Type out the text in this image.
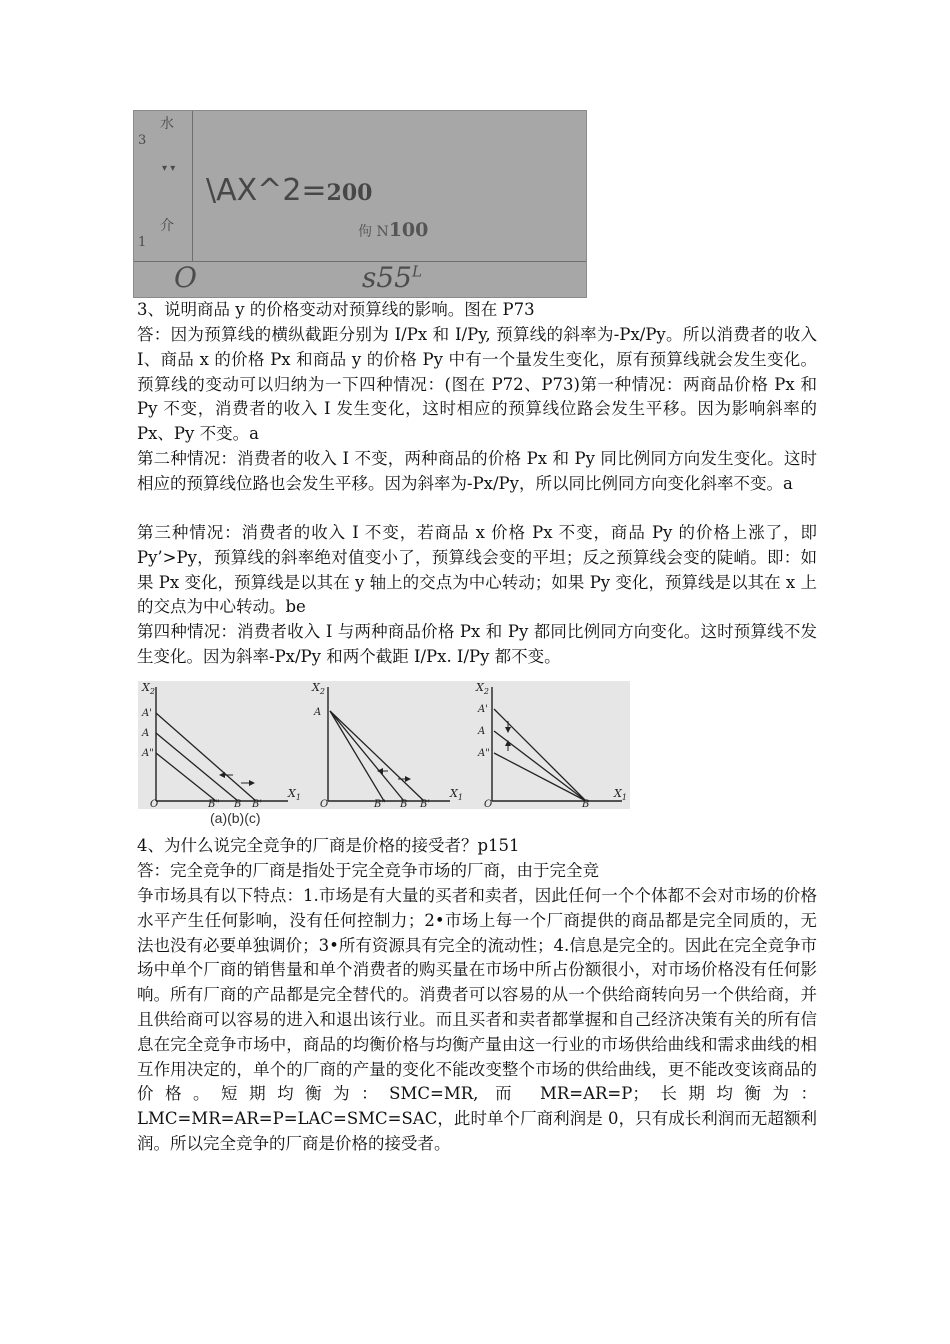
水
3
▾ ▾
介
1
\AX^2=200
佝 N100
O	$s55^L$

3、说明商品 y 的价格变动对预算线的影响。图在 P73

答：因为预算线的横纵截距分别为 I/Px 和 I/Py, 预算线的斜率为-Px/Py。所以消费者的收入 I、商品 x 的价格 Px 和商品 y 的价格 Py 中有一个量发生变化，原有预算线就会发生变化。预算线的变动可以归纳为一下四种情况：(图在 P72、P73)第一种情况：两商品价格 Px 和 Py 不变，消费者的收入 I 发生变化，这时相应的预算线位路会发生平移。因为影响斜率的 Px、Py 不变。a

第二种情况：消费者的收入 I 不变，两种商品的价格 Px 和 Py 同比例同方向发生变化。这时相应的预算线位路也会发生平移。因为斜率为-Px/Py，所以同比例同方向变化斜率不变。a

第三种情况：消费者的收入 I 不变，若商品 x 价格 Px 不变，商品 Py 的价格上涨了，即 Py’>Py，预算线的斜率绝对值变小了，预算线会变的平坦；反之预算线会变的陡峭。即：如果 Px 变化，预算线是以其在 y 轴上的交点为中心转动；如果 Py 变化，预算线是以其在 x 上的交点为中心转动。be

第四种情况：消费者收入 I 与两种商品价格 Px 和 Py 都同比例同方向变化。这时预算线不发生变化。因为斜率-Px/Py 和两个截距 I/Px. I/Py 都不变。

$X_2$
A'
A
A"
O	B" B B'
$X_1$
$X_2$
A
O	B" B B'
$X_1$
$X_2$
A'
A
A"
O	B
$X_1$
(a)(b)(c)

4、为什么说完全竞争的厂商是价格的接受者？p151

答：完全竞争的厂商是指处于完全竞争市场的厂商，由于完全竞

争市场具有以下特点：1.市场是有大量的买者和卖者，因此任何一个个体都不会对市场的价格水平产生任何影响，没有任何控制力；2•市场上每一个厂商提供的商品都是完全同质的，无法也没有必要单独调价；3•所有资源具有完全的流动性；4.信息是完全的。因此在完全竞争市场中单个厂商的销售量和单个消费者的购买量在市场中所占份额很小，对市场价格没有任何影响。所有厂商的产品都是完全替代的。消费者可以容易的从一个供给商转向另一个供给商，并且供给商可以容易的进入和退出该行业。而且买者和卖者都掌握和自己经济决策有关的所有信息在完全竞争市场中，商品的均衡价格与均衡产量由这一行业的市场供给曲线和需求曲线的相互作用决定的，单个的厂商的产量的变化不能改变整个市场的供给曲线，更不能改变该商品的价格。短期均衡为：SMC=MR, 而 MR=AR=P；长期均衡为：LMC=MR=AR=P=LAC=SMC=SAC，此时单个厂商利润是 0，只有成长利润而无超额利润。所以完全竞争的厂商是价格的接受者。
